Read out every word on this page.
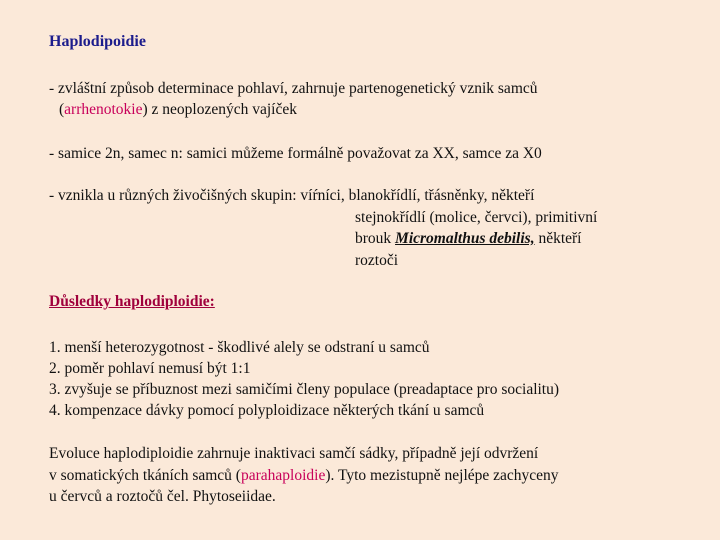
Haplodipoidie
- zvláštní způsob determinace pohlaví, zahrnuje partenogenetický vznik samců
(arrhenotokie) z neoplozených vajíček
- samice 2n, samec n: samici můžeme formálně považovat za XX, samce za X0
- vznikla u různých živočišných skupin: víŕníci, blanokřídlí, třásněnky, někteří
stejnokřídlí (molice, červci), primitivní
brouk Micromalthus debilis, někteří
roztoči
Důsledky haplodiploidie:
1. menší heterozygotnost - škodlivé alely se odstraní u samců
2. poměr pohlaví nemusí být 1:1
3. zvyšuje se příbuznost mezi samičími členy populace (preadaptace pro socialitu)
4. kompenzace dávky pomocí polyploidizace některých tkání u samců
Evoluce haplodiploidie zahrnuje inaktivaci samčí sádky, případně její odvržení
v somatických tkáních samců (parahaploidie). Tyto mezistupně nejlépe zachyceny
u červců a roztočů čel. Phytoseiidae.
